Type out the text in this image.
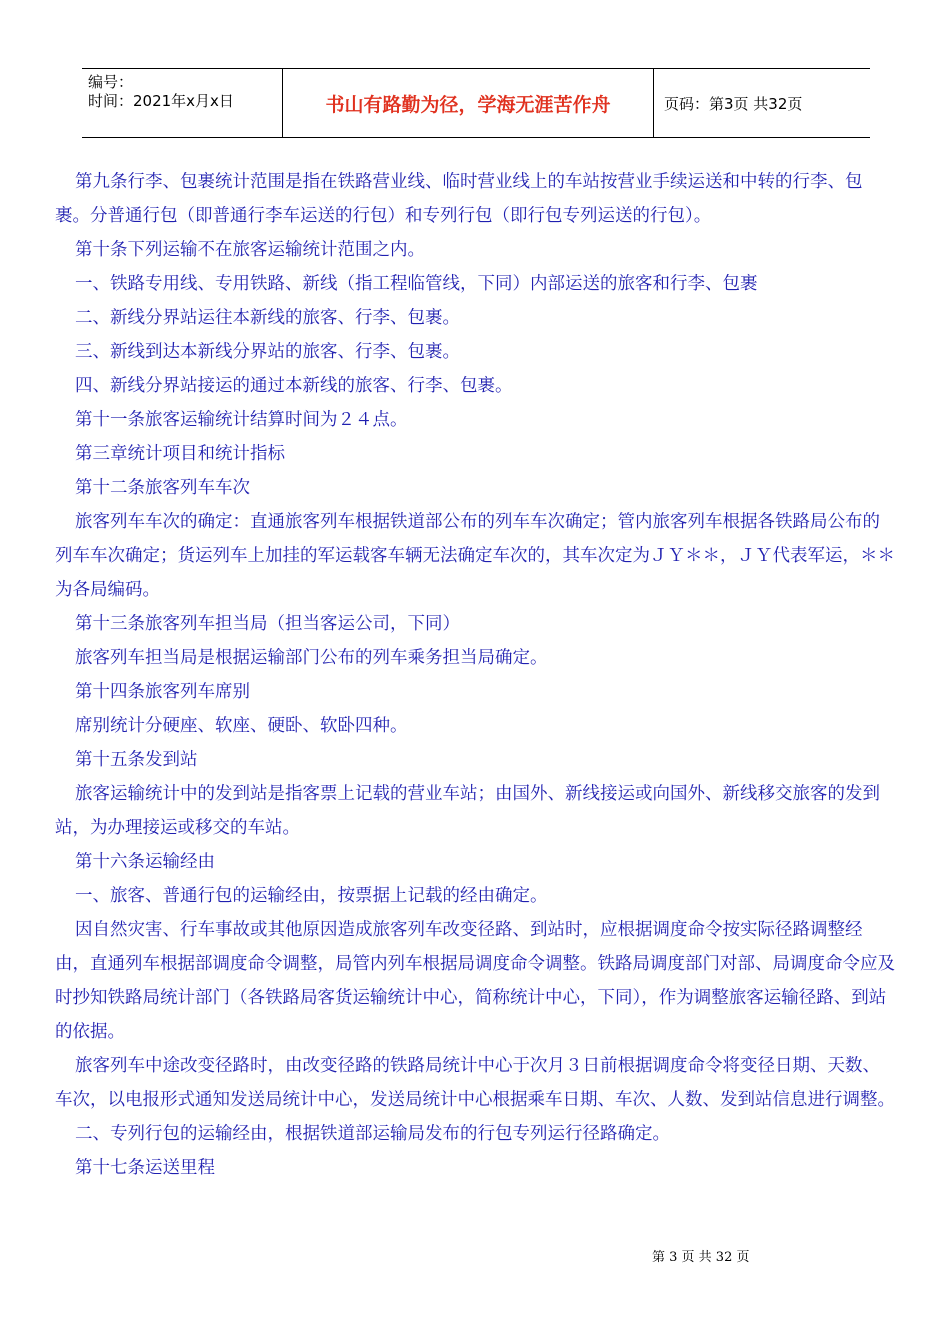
编号：
时间：2021年x月x日	书山有路勤为径，学海无涯苦作舟	页码：第3页 共32页

第九条行李、包裹统计范围是指在铁路营业线、临时营业线上的车站按营业手续运送和中转的行李、包裹。分普通行包（即普通行李车运送的行包）和专列行包（即行包专列运送的行包）。

第十条下列运输不在旅客运输统计范围之内。

一、铁路专用线、专用铁路、新线（指工程临管线，下同）内部运送的旅客和行李、包裹

二、新线分界站运往本新线的旅客、行李、包裹。

三、新线到达本新线分界站的旅客、行李、包裹。

四、新线分界站接运的通过本新线的旅客、行李、包裹。

第十一条旅客运输统计结算时间为２４点。

第三章统计项目和统计指标

第十二条旅客列车车次

旅客列车车次的确定：直通旅客列车根据铁道部公布的列车车次确定；管内旅客列车根据各铁路局公布的列车车次确定；货运列车上加挂的军运载客车辆无法确定车次的，其车次定为ＪＹ＊＊，ＪＹ代表军运，＊＊为各局编码。

第十三条旅客列车担当局（担当客运公司，下同）

旅客列车担当局是根据运输部门公布的列车乘务担当局确定。

第十四条旅客列车席别

席别统计分硬座、软座、硬卧、软卧四种。

第十五条发到站

旅客运输统计中的发到站是指客票上记载的营业车站；由国外、新线接运或向国外、新线移交旅客的发到站，为办理接运或移交的车站。

第十六条运输经由

一、旅客、普通行包的运输经由，按票据上记载的经由确定。

因自然灾害、行车事故或其他原因造成旅客列车改变径路、到站时，应根据调度命令按实际径路调整经由，直通列车根据部调度命令调整，局管内列车根据局调度命令调整。铁路局调度部门对部、局调度命令应及时抄知铁路局统计部门（各铁路局客货运输统计中心，简称统计中心，下同），作为调整旅客运输径路、到站的依据。

旅客列车中途改变径路时，由改变径路的铁路局统计中心于次月３日前根据调度命令将变径日期、天数、车次，以电报形式通知发送局统计中心，发送局统计中心根据乘车日期、车次、人数、发到站信息进行调整。

二、专列行包的运输经由，根据铁道部运输局发布的行包专列运行径路确定。

第十七条运送里程

第 3 页 共 32 页
